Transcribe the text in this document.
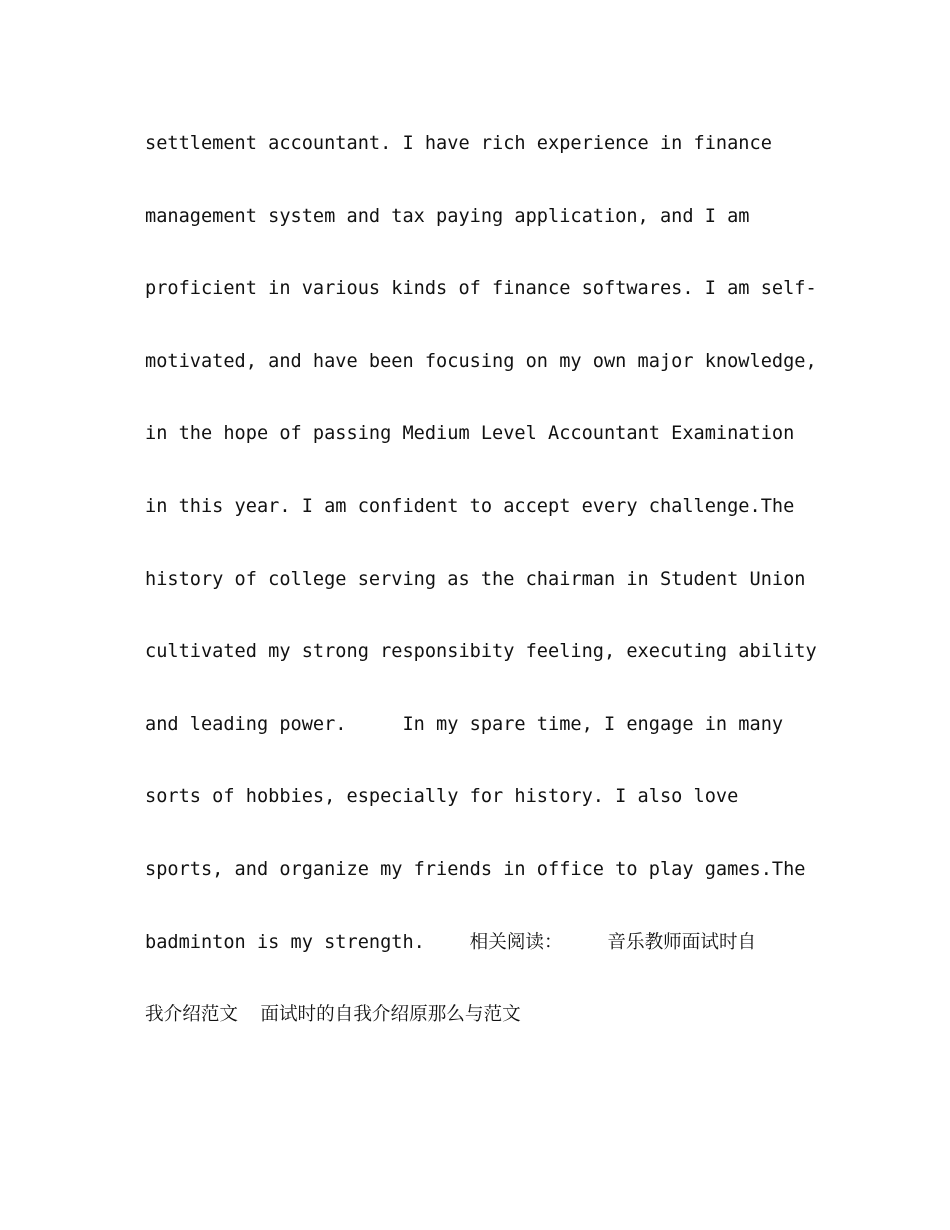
settlement accountant. I have rich experience in finance
management system and tax paying application, and I am
proficient in various kinds of finance softwares. I am self-
motivated, and have been focusing on my own major knowledge,
in the hope of passing Medium Level Accountant Examination
in this year. I am confident to accept every challenge.The
history of college serving as the chairman in Student Union
cultivated my strong responsibity feeling, executing ability
and leading power.     In my spare time, I engage in many
sorts of hobbies, especially for history. I also love
sports, and organize my friends in office to play games.The
badminton is my strength.    相关阅读：    音乐教师面试时自
我介绍范文  面试时的自我介绍原那么与范文
